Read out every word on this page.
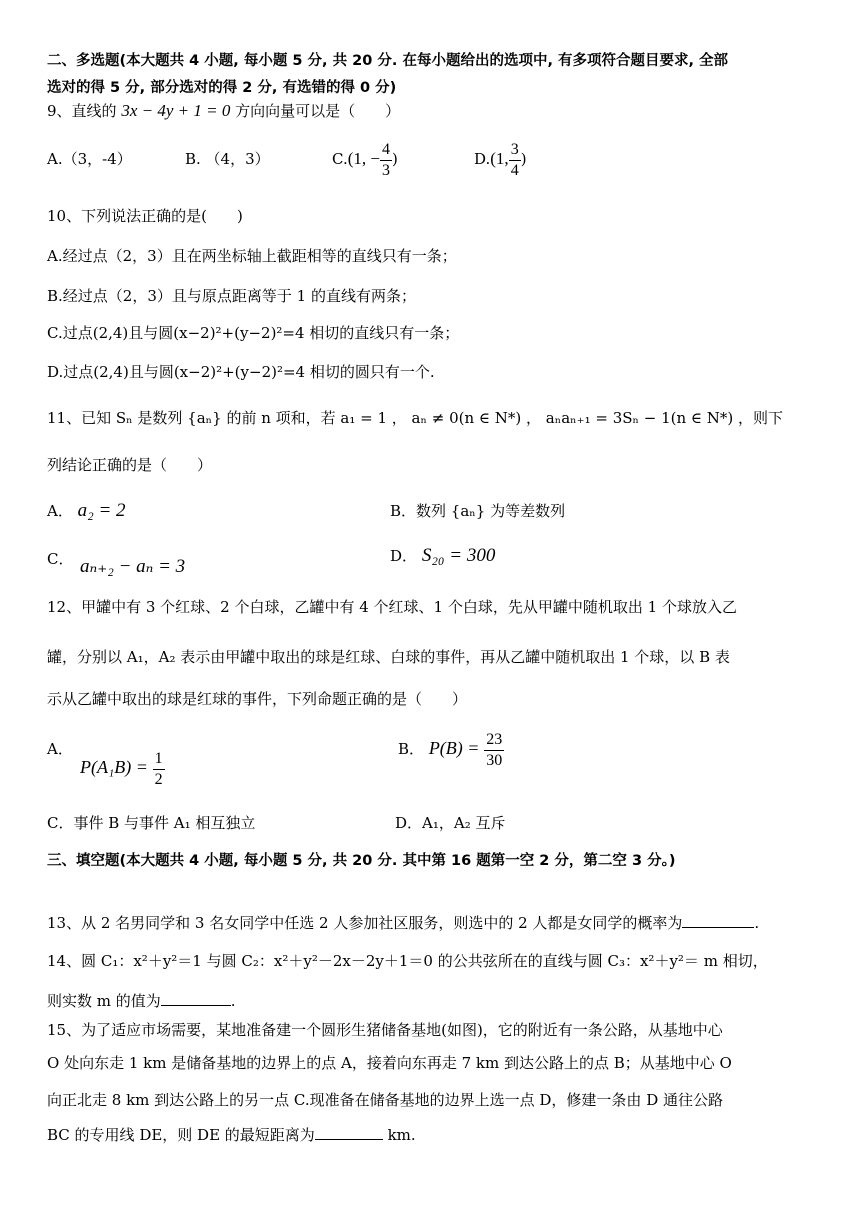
二、多选题(本大题共 4 小题, 每小题 5 分, 共 20 分. 在每小题给出的选项中, 有多项符合题目要求, 全部
选对的得 5 分, 部分选对的得 2 分, 有选错的得 0 分)
9、直线的 3x − 4y + 1 = 0 方向向量可以是（　　）
A.（3，-4）	B. （4，3）	C.(1, − $\frac{4}{3}$ )	D.(1, $\frac{3}{4}$ )
10、下列说法正确的是(　　)
A.经过点（2，3）且在两坐标轴上截距相等的直线只有一条；
B.经过点（2，3）且与原点距离等于 1 的直线有两条；
C.过点(2,4)且与圆(x−2)²+(y−2)²=4 相切的直线只有一条；
D.过点(2,4)且与圆(x−2)²+(y−2)²=4 相切的圆只有一个.
11、已知 Sₙ 是数列 {aₙ} 的前 n 项和，若 a₁ = 1 ， aₙ ≠ 0(n ∈ N*) ， aₙaₙ₊₁ = 3Sₙ − 1(n ∈ N*) ，则下
列结论正确的是（　　）
A． a₂ = 2	B．数列 {aₙ} 为等差数列
C． aₙ₊₂ − aₙ = 3	D． S₂₀ = 300
12、甲罐中有 3 个红球、2 个白球，乙罐中有 4 个红球、1 个白球，先从甲罐中随机取出 1 个球放入乙
罐，分别以 A₁，A₂ 表示由甲罐中取出的球是红球、白球的事件，再从乙罐中随机取出 1 个球，以 B 表
示从乙罐中取出的球是红球的事件，下列命题正确的是（　　）
A．
$P(A_1B) = \frac{1}{2}$
B． $P(B) = \frac{23}{30}$
C．事件 B 与事件 A₁ 相互独立	D．A₁，A₂ 互斥
三、填空题(本大题共 4 小题, 每小题 5 分, 共 20 分. 其中第 16 题第一空 2 分，第二空 3 分。)
13、从 2 名男同学和 3 名女同学中任选 2 人参加社区服务，则选中的 2 人都是女同学的概率为	.
14、圆 C₁：x²＋y²＝1 与圆 C₂：x²＋y²－2x－2y＋1＝0 的公共弦所在的直线与圆 C₃：x²＋y²＝ m 相切，
则实数 m 的值为	.
15、为了适应市场需要，某地准备建一个圆形生猪储备基地(如图)，它的附近有一条公路，从基地中心
O 处向东走 1 km 是储备基地的边界上的点 A，接着向东再走 7 km 到达公路上的点 B；从基地中心 O
向正北走 8 km 到达公路上的另一点 C.现准备在储备基地的边界上选一点 D，修建一条由 D 通往公路
BC 的专用线 DE，则 DE 的最短距离为	km.
